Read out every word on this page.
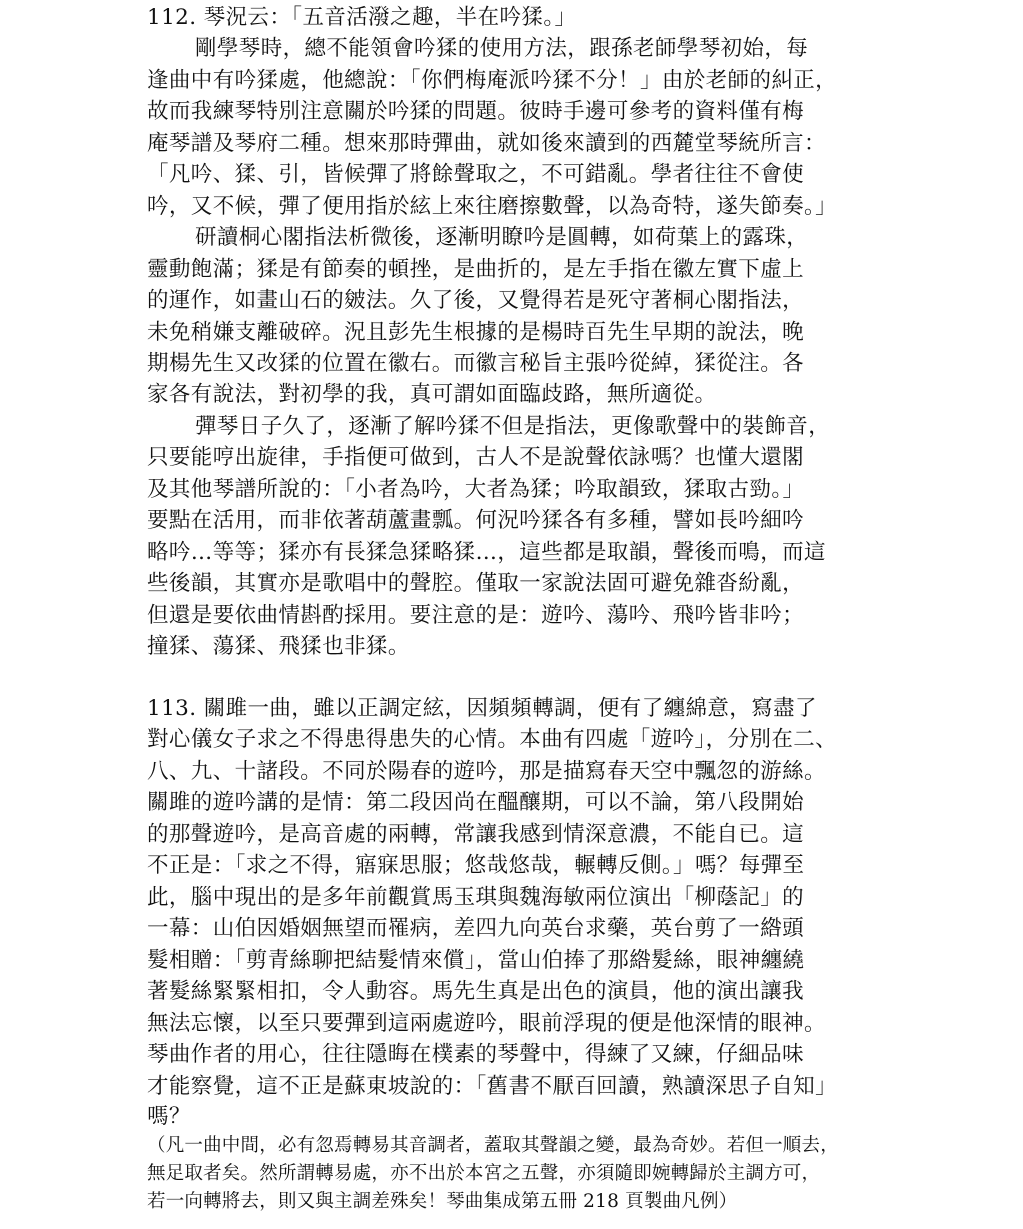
112. 琴況云：「五音活潑之趣，半在吟猱。」
剛學琴時，總不能領會吟猱的使用方法，跟孫老師學琴初始，每
逢曲中有吟猱處，他總說：「你們梅庵派吟猱不分！」由於老師的糾正，
故而我練琴特別注意關於吟猱的問題。彼時手邊可參考的資料僅有梅
庵琴譜及琴府二種。想來那時彈曲，就如後來讀到的西麓堂琴統所言：
「凡吟、猱、引，皆候彈了將餘聲取之，不可錯亂。學者往往不會使
吟，又不候，彈了便用指於絃上來往磨擦數聲，以為奇特，遂失節奏。」
研讀桐心閣指法析微後，逐漸明瞭吟是圓轉，如荷葉上的露珠，
靈動飽滿；猱是有節奏的頓挫，是曲折的，是左手指在徽左實下虛上
的運作，如畫山石的皴法。久了後，又覺得若是死守著桐心閣指法，
未免稍嫌支離破碎。況且彭先生根據的是楊時百先生早期的說法，晚
期楊先生又改猱的位置在徽右。而徽言秘旨主張吟從綽，猱從注。各
家各有說法，對初學的我，真可謂如面臨歧路，無所適從。
彈琴日子久了，逐漸了解吟猱不但是指法，更像歌聲中的裝飾音，
只要能哼出旋律，手指便可做到，古人不是說聲依詠嗎？也懂大還閣
及其他琴譜所說的：「小者為吟，大者為猱；吟取韻致，猱取古勁。」
要點在活用，而非依著葫蘆畫瓢。何況吟猱各有多種，譬如長吟細吟
略吟…等等；猱亦有長猱急猱略猱…，這些都是取韻，聲後而鳴，而這
些後韻，其實亦是歌唱中的聲腔。僅取一家說法固可避免雜沓紛亂，
但還是要依曲情斟酌採用。要注意的是：遊吟、蕩吟、飛吟皆非吟；
撞猱、蕩猱、飛猱也非猱。
113. 關雎一曲，雖以正調定絃，因頻頻轉調，便有了纏綿意，寫盡了
對心儀女子求之不得患得患失的心情。本曲有四處「遊吟」，分別在二、
八、九、十諸段。不同於陽春的遊吟，那是描寫春天空中飄忽的游絲。
關雎的遊吟講的是情：第二段因尚在醞釀期，可以不論，第八段開始
的那聲遊吟，是高音處的兩轉，常讓我感到情深意濃，不能自已。這
不正是：「求之不得，寤寐思服；悠哉悠哉，輾轉反側。」嗎？每彈至
此，腦中現出的是多年前觀賞馬玉琪與魏海敏兩位演出「柳蔭記」的
一幕：山伯因婚姻無望而罹病，差四九向英台求藥，英台剪了一綹頭
髮相贈：「剪青絲聊把結髮情來償」，當山伯捧了那綹髮絲，眼神纏繞
著髮絲緊緊相扣，令人動容。馬先生真是出色的演員，他的演出讓我
無法忘懷，以至只要彈到這兩處遊吟，眼前浮現的便是他深情的眼神。
琴曲作者的用心，往往隱晦在樸素的琴聲中，得練了又練，仔細品味
才能察覺，這不正是蘇東坡說的：「舊書不厭百回讀，熟讀深思子自知」
嗎？
（凡一曲中間，必有忽焉轉易其音調者，蓋取其聲韻之變，最為奇妙。若但一順去，
無足取者矣。然所謂轉易處，亦不出於本宮之五聲，亦須隨即婉轉歸於主調方可，
若一向轉將去，則又與主調差殊矣！琴曲集成第五冊 218 頁製曲凡例）
